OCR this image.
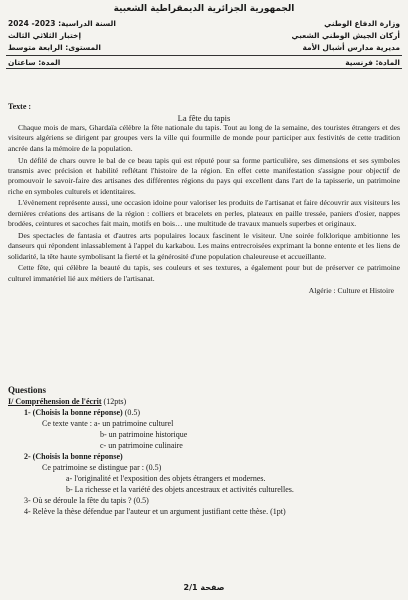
الجمهورية الجزائرية الديمقراطية الشعبية
وزارة الدفاع الوطني
السنة الدراسية: 2023- 2024
أركان الجيش الوطني الشعبي
إختبار الثلاثي الثالث
مديرية مدارس أشبال الأمة
المستوى: الرابعة متوسط
المادة: فرنسية
المدة: ساعتان
Texte :
La fête du tapis

Chaque mois de mars, Ghardaïa célèbre la fête nationale du tapis. Tout au long de la semaine, des touristes étrangers et des visiteurs algériens se dirigent par groupes vers la ville qui fourmille de monde pour participer aux festivités de cette tradition ancrée dans la mémoire de la population.

Un défilé de chars ouvre le bal de ce beau tapis qui est réputé pour sa forme particulière, ses dimensions et ses symboles transmis avec précision et habilité reflétant l'histoire de la région. En effet cette manifestation s'assigne pour objectif de promouvoir le savoir-faire des artisanes des différentes régions du pays qui excellent dans l'art de la tapisserie, un patrimoine riche en symboles culturels et identitaires.

L'évènement représente aussi, une occasion idoine pour valoriser les produits de l'artisanat et faire découvrir aux visiteurs les dernières créations des artisans de la région : colliers et bracelets en perles, plateaux en paille tressée, paniers d'osier, nappes brodées, ceintures et sacoches fait main, motifs en bois… une multitude de travaux manuels superbes et originaux.

Des spectacles de fantasia et d'autres arts populaires locaux fascinent le visiteur. Une soirée folklorique ambitionne les danseurs qui répondent inlassablement à l'appel du karkabou. Les mains entrecroisées exprimant la bonne entente et les liens de solidarité, la tête haute symbolisant la fierté et la générosité d'une population chaleureuse et accueillante.

Cette fête, qui célèbre la beauté du tapis, ses couleurs et ses textures, a également pour but de préserver ce patrimoine culturel immatériel lié aux métiers de l'artisanat.

Algérie : Culture et Histoire
Questions
I/ Compréhension de l'écrit (12pts)
1- (Choisis la bonne réponse) (0.5)
Ce texte vante : a- un patrimoine culturel
b- un patrimoine historique
c- un patrimoine culinaire
2- (Choisis la bonne réponse)
Ce patrimoine se distingue par : (0.5)
a- l'originalité et l'exposition des objets étrangers et modernes.
b- La richesse et la variété des objets ancestraux et activités culturelles.
3- Où se déroule la fête du tapis ? (0.5)
4- Relève la thèse défendue par l'auteur et un argument justifiant cette thèse. (1pt)
صفحة 2/1
